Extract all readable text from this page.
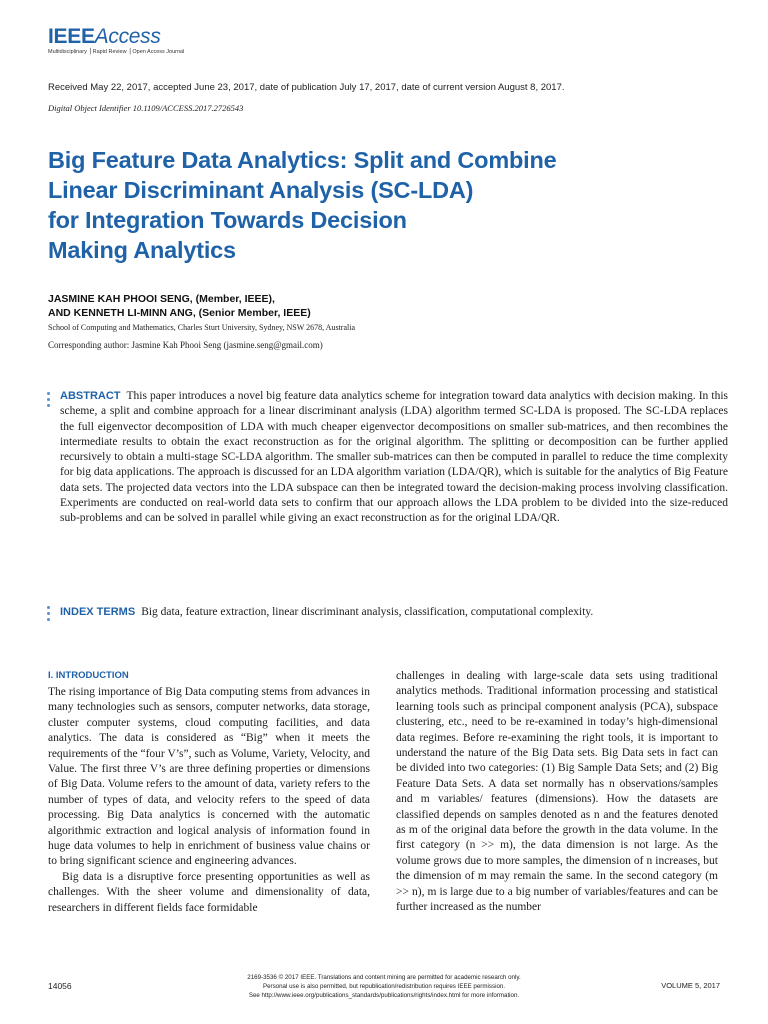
IEEEAccess
Multidisciplinary ⎟ Rapid Review ⎟ Open Access Journal
Received May 22, 2017, accepted June 23, 2017, date of publication July 17, 2017, date of current version August 8, 2017.
Digital Object Identifier 10.1109/ACCESS.2017.2726543
Big Feature Data Analytics: Split and Combine
Linear Discriminant Analysis (SC-LDA)
for Integration Towards Decision
Making Analytics
JASMINE KAH PHOOI SENG, (Member, IEEE),
AND KENNETH LI-MINN ANG, (Senior Member, IEEE)
School of Computing and Mathematics, Charles Sturt University, Sydney, NSW 2678, Australia
Corresponding author: Jasmine Kah Phooi Seng (jasmine.seng@gmail.com)
ABSTRACT This paper introduces a novel big feature data analytics scheme for integration toward data analytics with decision making. In this scheme, a split and combine approach for a linear discriminant analysis (LDA) algorithm termed SC-LDA is proposed. The SC-LDA replaces the full eigenvector decomposition of LDA with much cheaper eigenvector decompositions on smaller sub-matrices, and then recombines the intermediate results to obtain the exact reconstruction as for the original algorithm. The splitting or decomposition can be further applied recursively to obtain a multi-stage SC-LDA algorithm. The smaller sub-matrices can then be computed in parallel to reduce the time complexity for big data applications. The approach is discussed for an LDA algorithm variation (LDA/QR), which is suitable for the analytics of Big Feature data sets. The projected data vectors into the LDA subspace can then be integrated toward the decision-making process involving classification. Experiments are conducted on real-world data sets to confirm that our approach allows the LDA problem to be divided into the size-reduced sub-problems and can be solved in parallel while giving an exact reconstruction as for the original LDA/QR.
INDEX TERMS Big data, feature extraction, linear discriminant analysis, classification, computational complexity.
I. INTRODUCTION

The rising importance of Big Data computing stems from advances in many technologies such as sensors, computer networks, data storage, cluster computer systems, cloud computing facilities, and data analytics. The data is considered as “Big” when it meets the requirements of the “four V’s”, such as Volume, Variety, Velocity, and Value. The first three V’s are three defining properties or dimensions of Big Data. Volume refers to the amount of data, variety refers to the number of types of data, and velocity refers to the speed of data processing. Big Data analytics is concerned with the automatic algorithmic extraction and logical analysis of information found in huge data volumes to help in enrichment of business value chains or to bring significant science and engineering advances.

Big data is a disruptive force presenting opportunities as well as challenges. With the sheer volume and dimensionality of data, researchers in different fields face formidable

challenges in dealing with large-scale data sets using traditional analytics methods. Traditional information processing and statistical learning tools such as principal component analysis (PCA), subspace clustering, etc., need to be re-examined in today’s high-dimensional data regimes. Before re-examining the right tools, it is important to understand the nature of the Big Data sets. Big Data sets in fact can be divided into two categories: (1) Big Sample Data Sets; and (2) Big Feature Data Sets. A data set normally has n observations/samples and m variables/ features (dimensions). How the datasets are classified depends on samples denoted as n and the features denoted as m of the original data before the growth in the data volume. In the first category (n >> m), the data dimension is not large. As the volume grows due to more samples, the dimension of n increases, but the dimension of m may remain the same. In the second category (m >> n), m is large due to a big number of variables/features and can be further increased as the number

14056
2169-3536 © 2017 IEEE. Translations and content mining are permitted for academic research only.
Personal use is also permitted, but republication/redistribution requires IEEE permission.
See http://www.ieee.org/publications_standards/publications/rights/index.html for more information.
VOLUME 5, 2017
